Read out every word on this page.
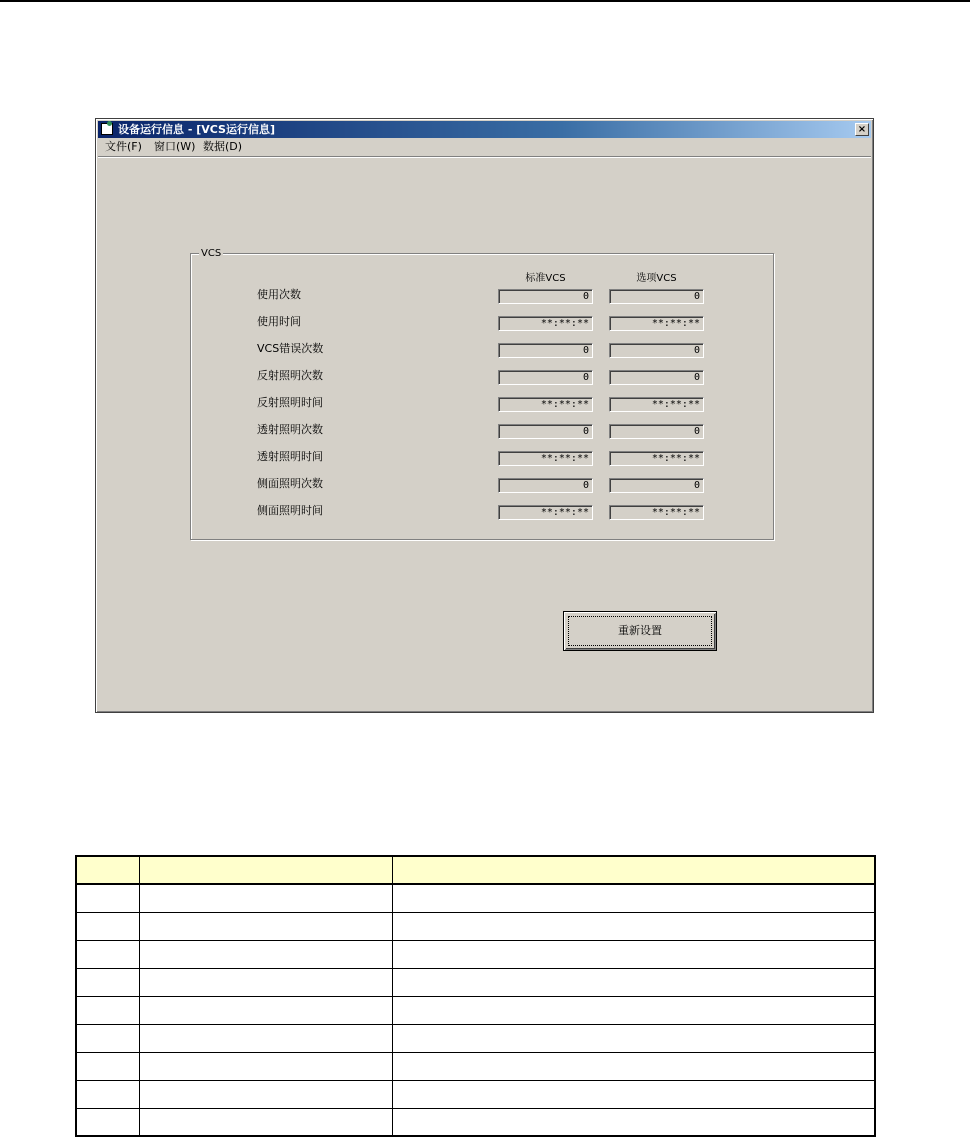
设备运行信息 - [VCS运行信息]	×
文件(F) 窗口(W) 数据(D)
VCS
标准VCS	选项VCS
使用次数	0	0
使用时间	**:**:**	**:**:**
VCS错误次数	0	0
反射照明次数	0	0
反射照明时间	**:**:**	**:**:**
透射照明次数	0	0
透射照明时间	**:**:**	**:**:**
侧面照明次数	0	0
侧面照明时间	**:**:**	**:**:**
重新设置
